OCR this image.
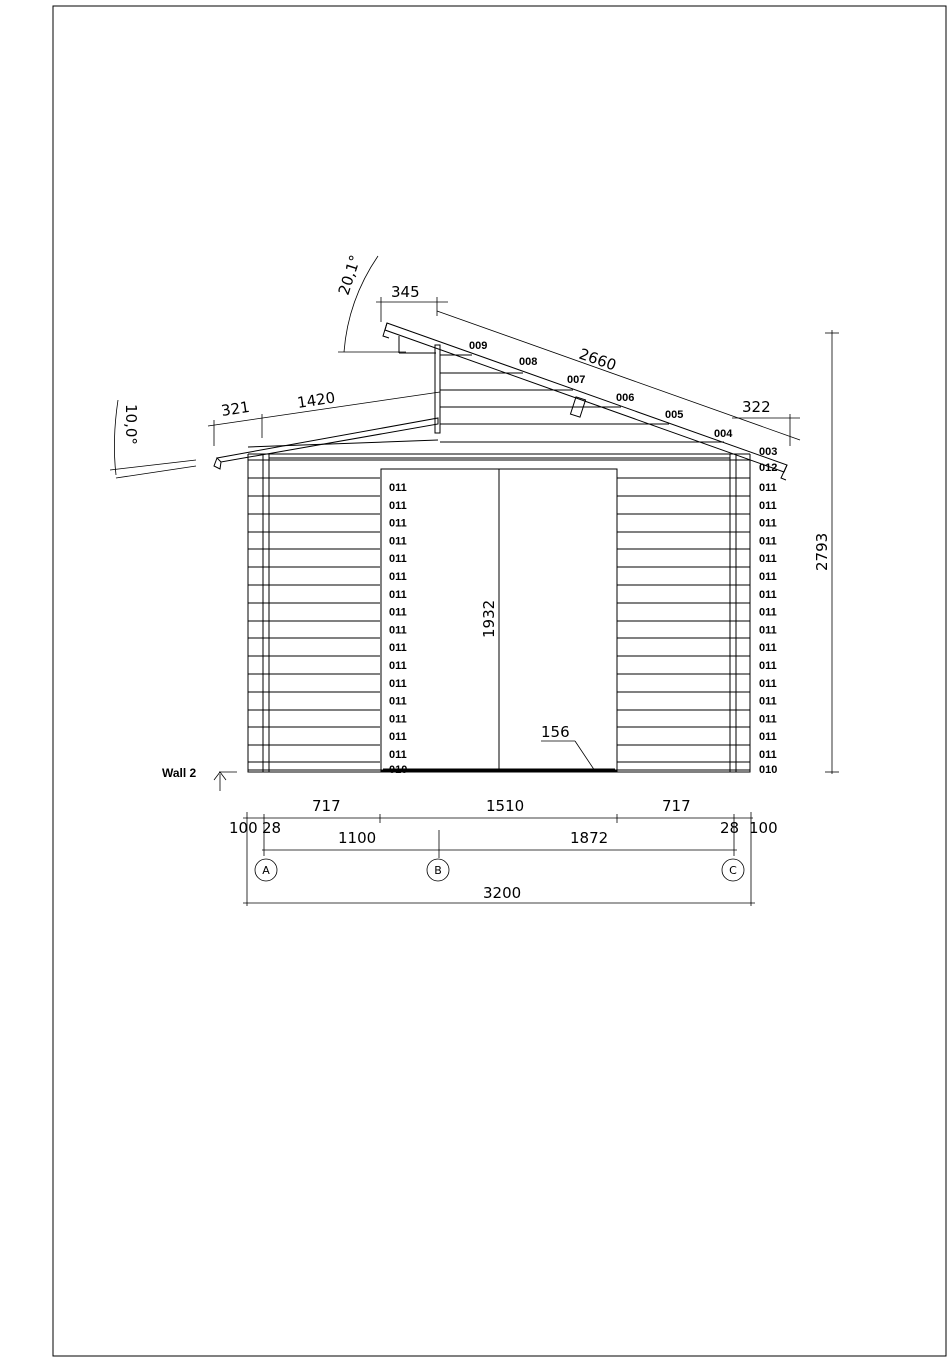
345
2660
322
321	1420
20,1°
10,0°
2793
1932
156
717	1510	717
100 28	28 100
1100	1872
3200
A	B	C
Wall 2
009
008
007
006
005
004
003
012
011
011
011
011
011
011
011
011
011
011
011
011
011
011
011
011
011
011
011
011
011
011
011
011
011
011
011
011
011
011
011
011
010	010
